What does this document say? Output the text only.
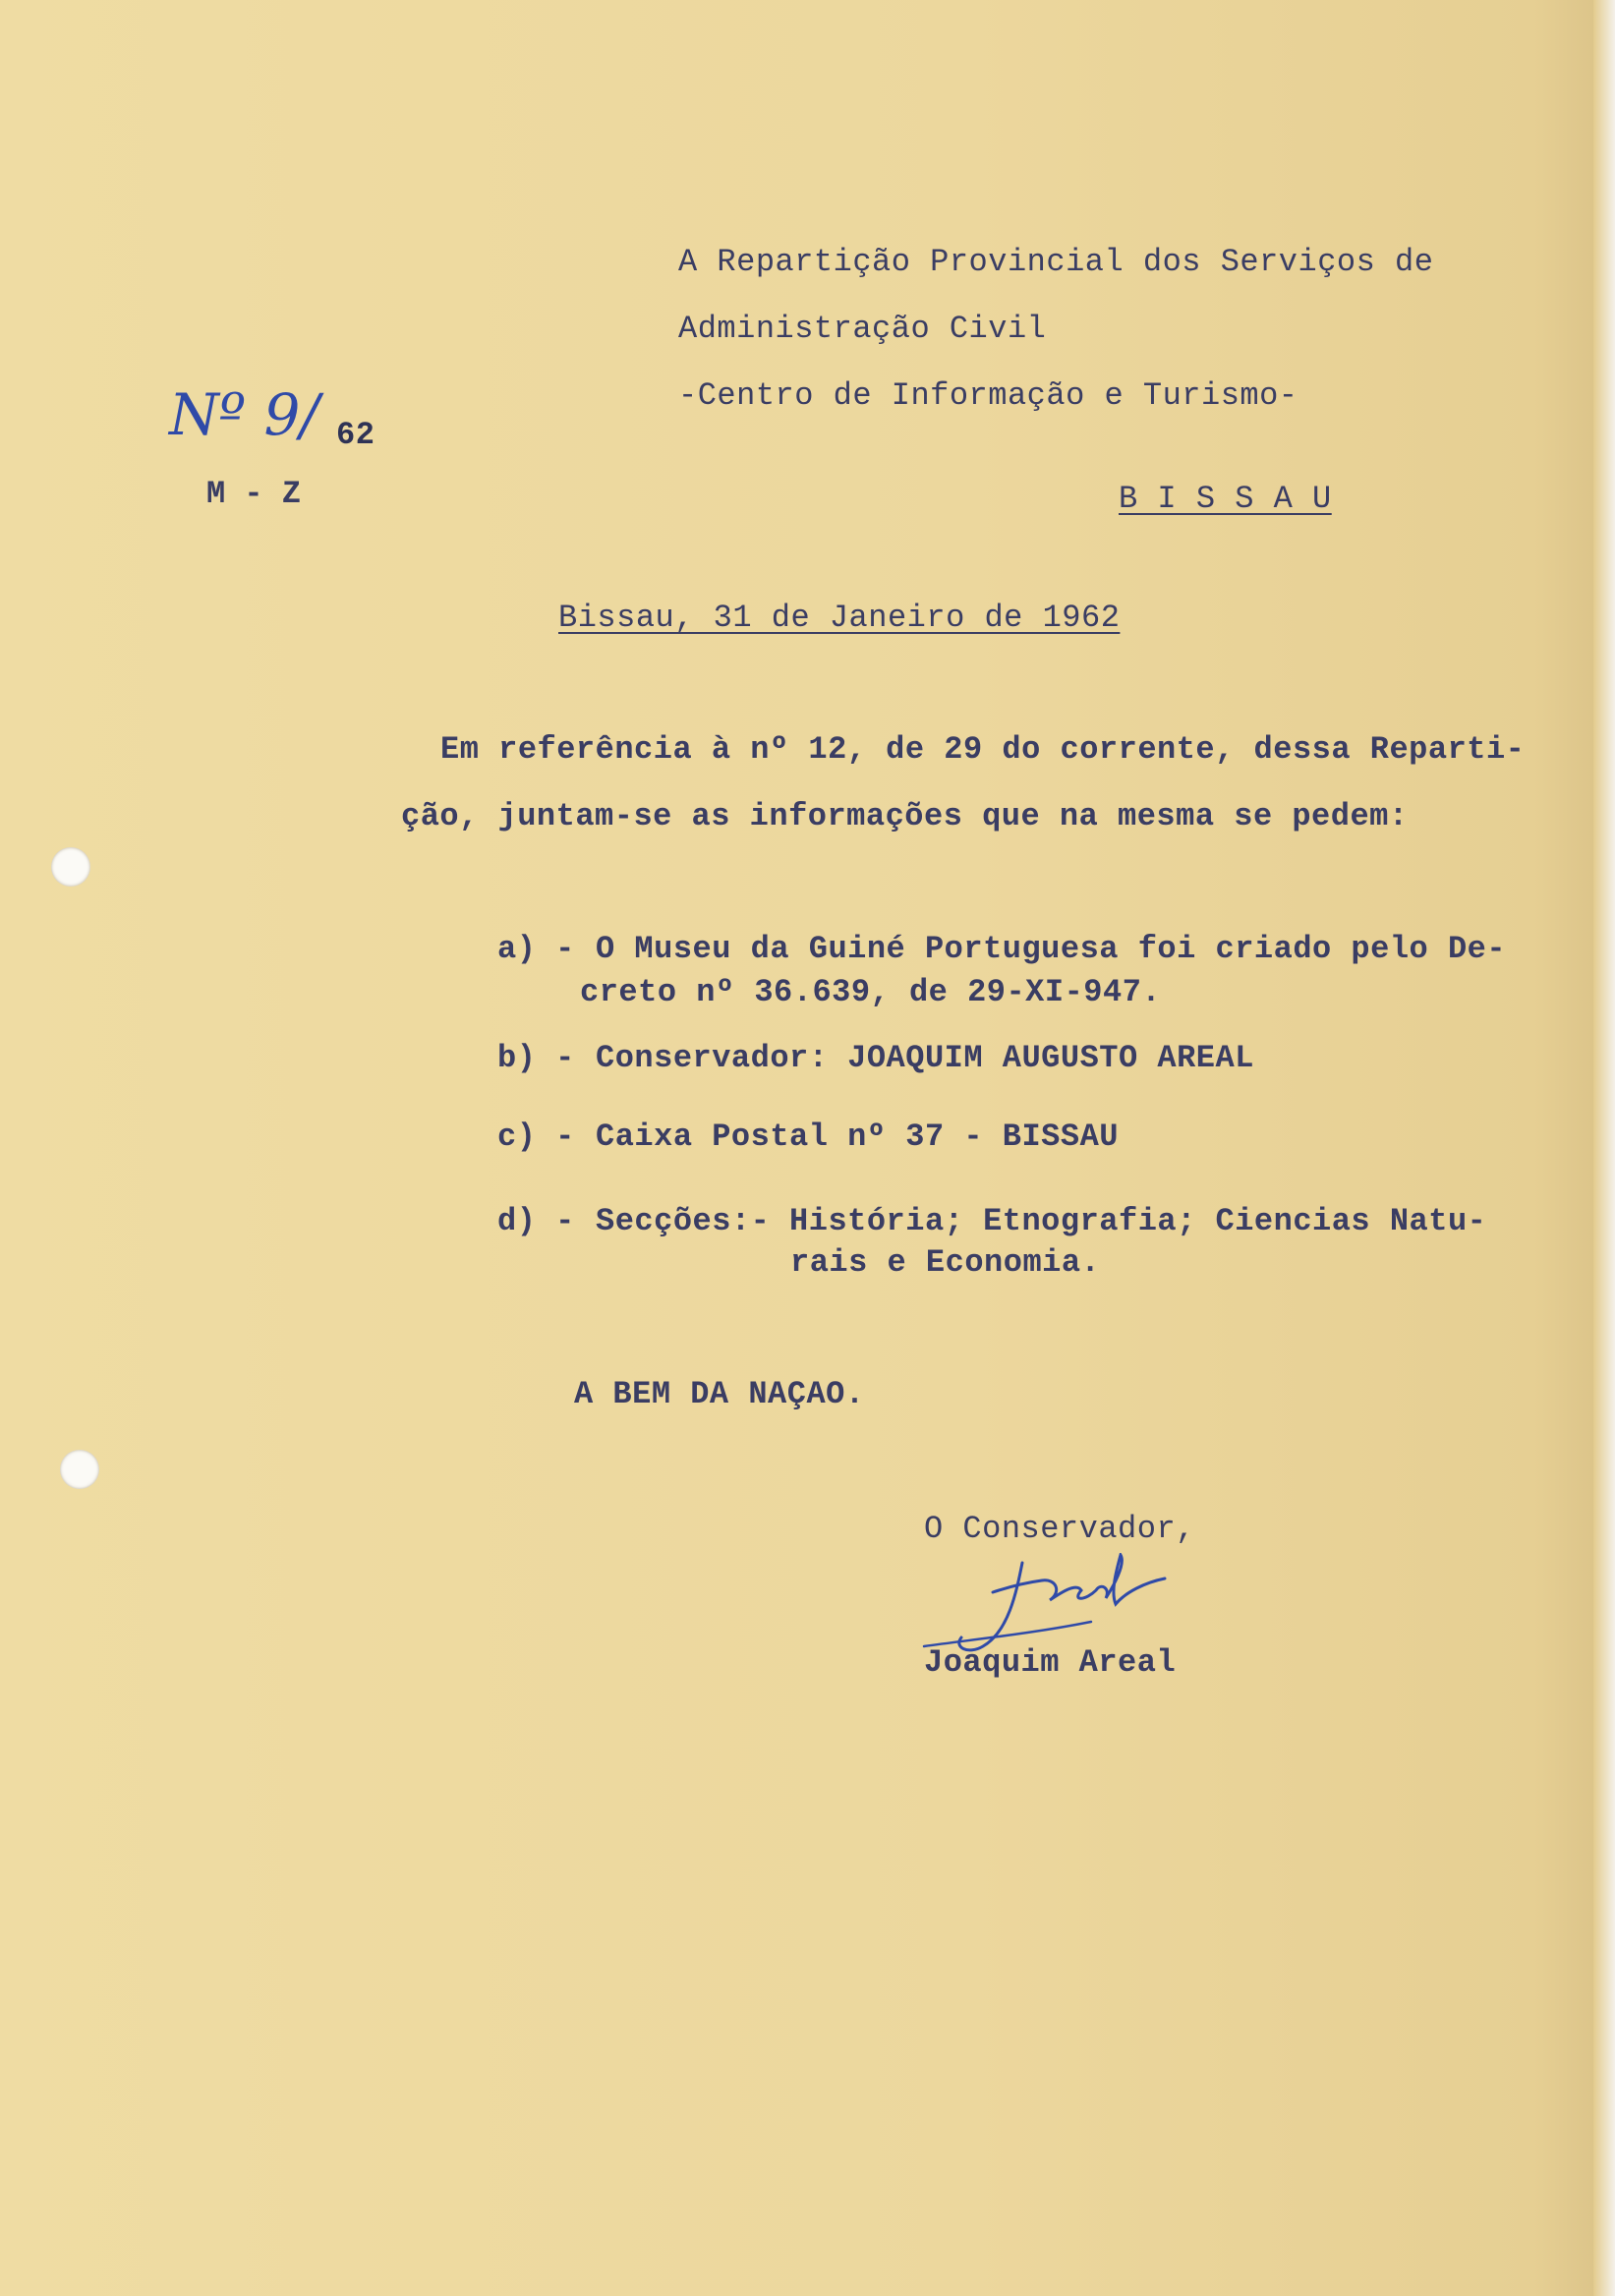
A Repartição Provincial dos Serviços de
Administração Civil
-Centro de Informação e Turismo-
B I S S A U
Nº 9/ 62
M - Z
Bissau, 31 de Janeiro de 1962
Em referência à nº 12, de 29 do corrente, dessa Reparti-
ção, juntam-se as informações que na mesma se pedem:
a) - O Museu da Guiné Portuguesa foi criado pelo De-
creto nº 36.639, de 29-XI-947.
b) - Conservador: JOAQUIM AUGUSTO AREAL
c) - Caixa Postal nº 37 - BISSAU
d) - Secções:- História; Etnografia; Ciencias Natu-
rais e Economia.
A BEM DA NAÇAO.
O Conservador,
Joaquim Areal
